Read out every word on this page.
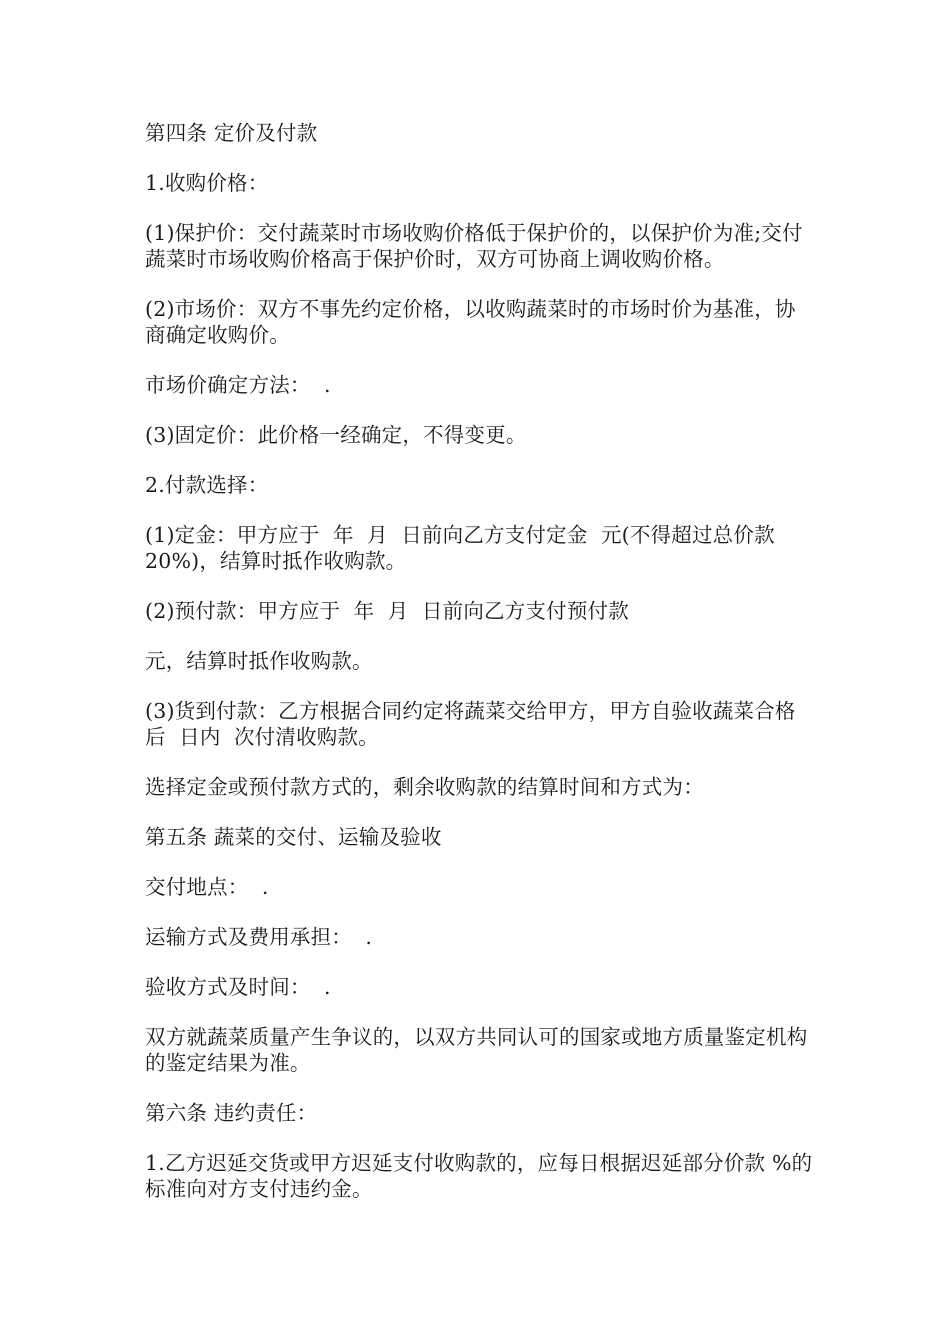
第四条 定价及付款

1.收购价格：

(1)保护价：交付蔬菜时市场收购价格低于保护价的，以保护价为准;交付蔬菜时市场收购价格高于保护价时，双方可协商上调收购价格。

(2)市场价：双方不事先约定价格，以收购蔬菜时的市场时价为基准，协商确定收购价。

市场价确定方法：  .

(3)固定价：此价格一经确定，不得变更。

2.付款选择：

(1)定金：甲方应于  年  月  日前向乙方支付定金  元(不得超过总价款20%)，结算时抵作收购款。

(2)预付款：甲方应于  年  月  日前向乙方支付预付款

元，结算时抵作收购款。

(3)货到付款：乙方根据合同约定将蔬菜交给甲方，甲方自验收蔬菜合格后  日内  次付清收购款。

选择定金或预付款方式的，剩余收购款的结算时间和方式为：

第五条 蔬菜的交付、运输及验收

交付地点：  .

运输方式及费用承担：  .

验收方式及时间：  .

双方就蔬菜质量产生争议的，以双方共同认可的国家或地方质量鉴定机构的鉴定结果为准。

第六条 违约责任：

1.乙方迟延交货或甲方迟延支付收购款的，应每日根据迟延部分价款 %的标准向对方支付违约金。
